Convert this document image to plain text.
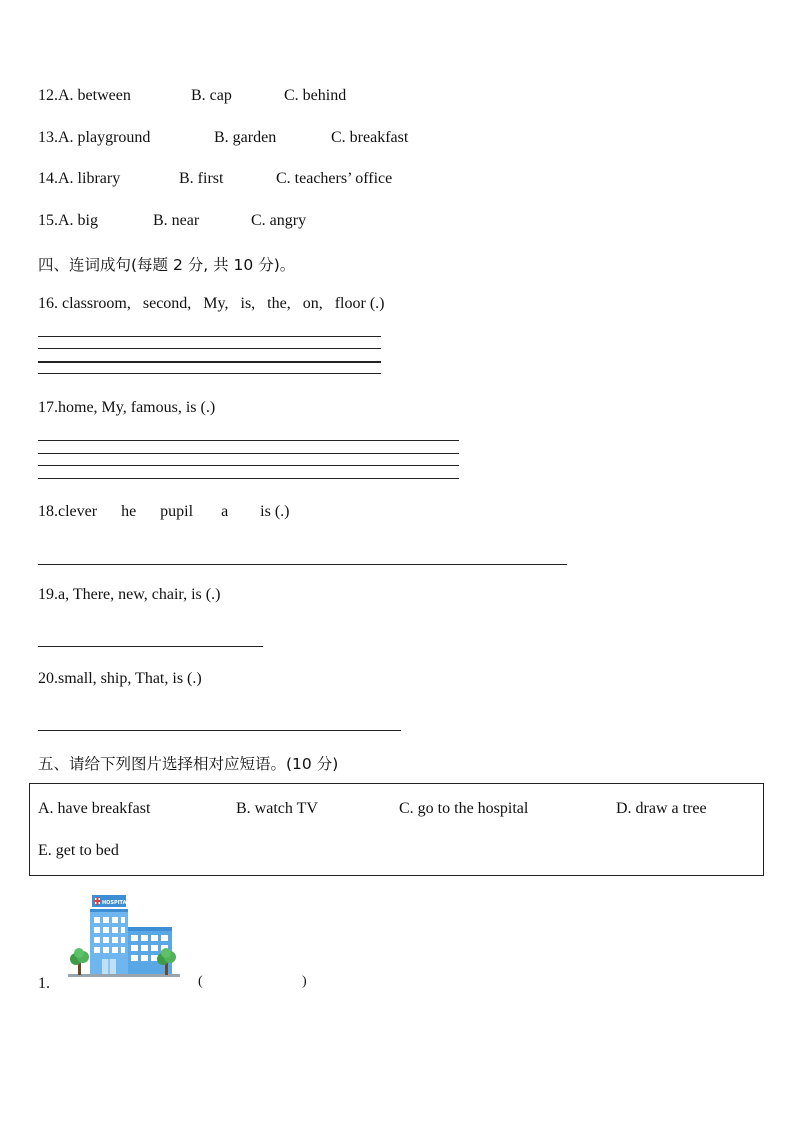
12.A. between	B. cap	C. behind
13.A. playground	B. garden	C. breakfast
14.A. library	B. first	C. teachers’ office
15.A. big	B. near	C. angry
四、连词成句(每题 2 分, 共 10 分)。
16. classroom,   second,   My,   is,   the,   on,   floor (.)
17.home, My, famous, is (.)
18.clever      he      pupil       a        is (.)
19.a, There, new, chair, is (.)
20.small, ship, That, is (.)
五、请给下列图片选择相对应短语。(10 分)
A. have breakfast	B. watch TV	C. go to the hospital	D. draw a tree
E. get to bed
1.
HOSPITAL
(	)
